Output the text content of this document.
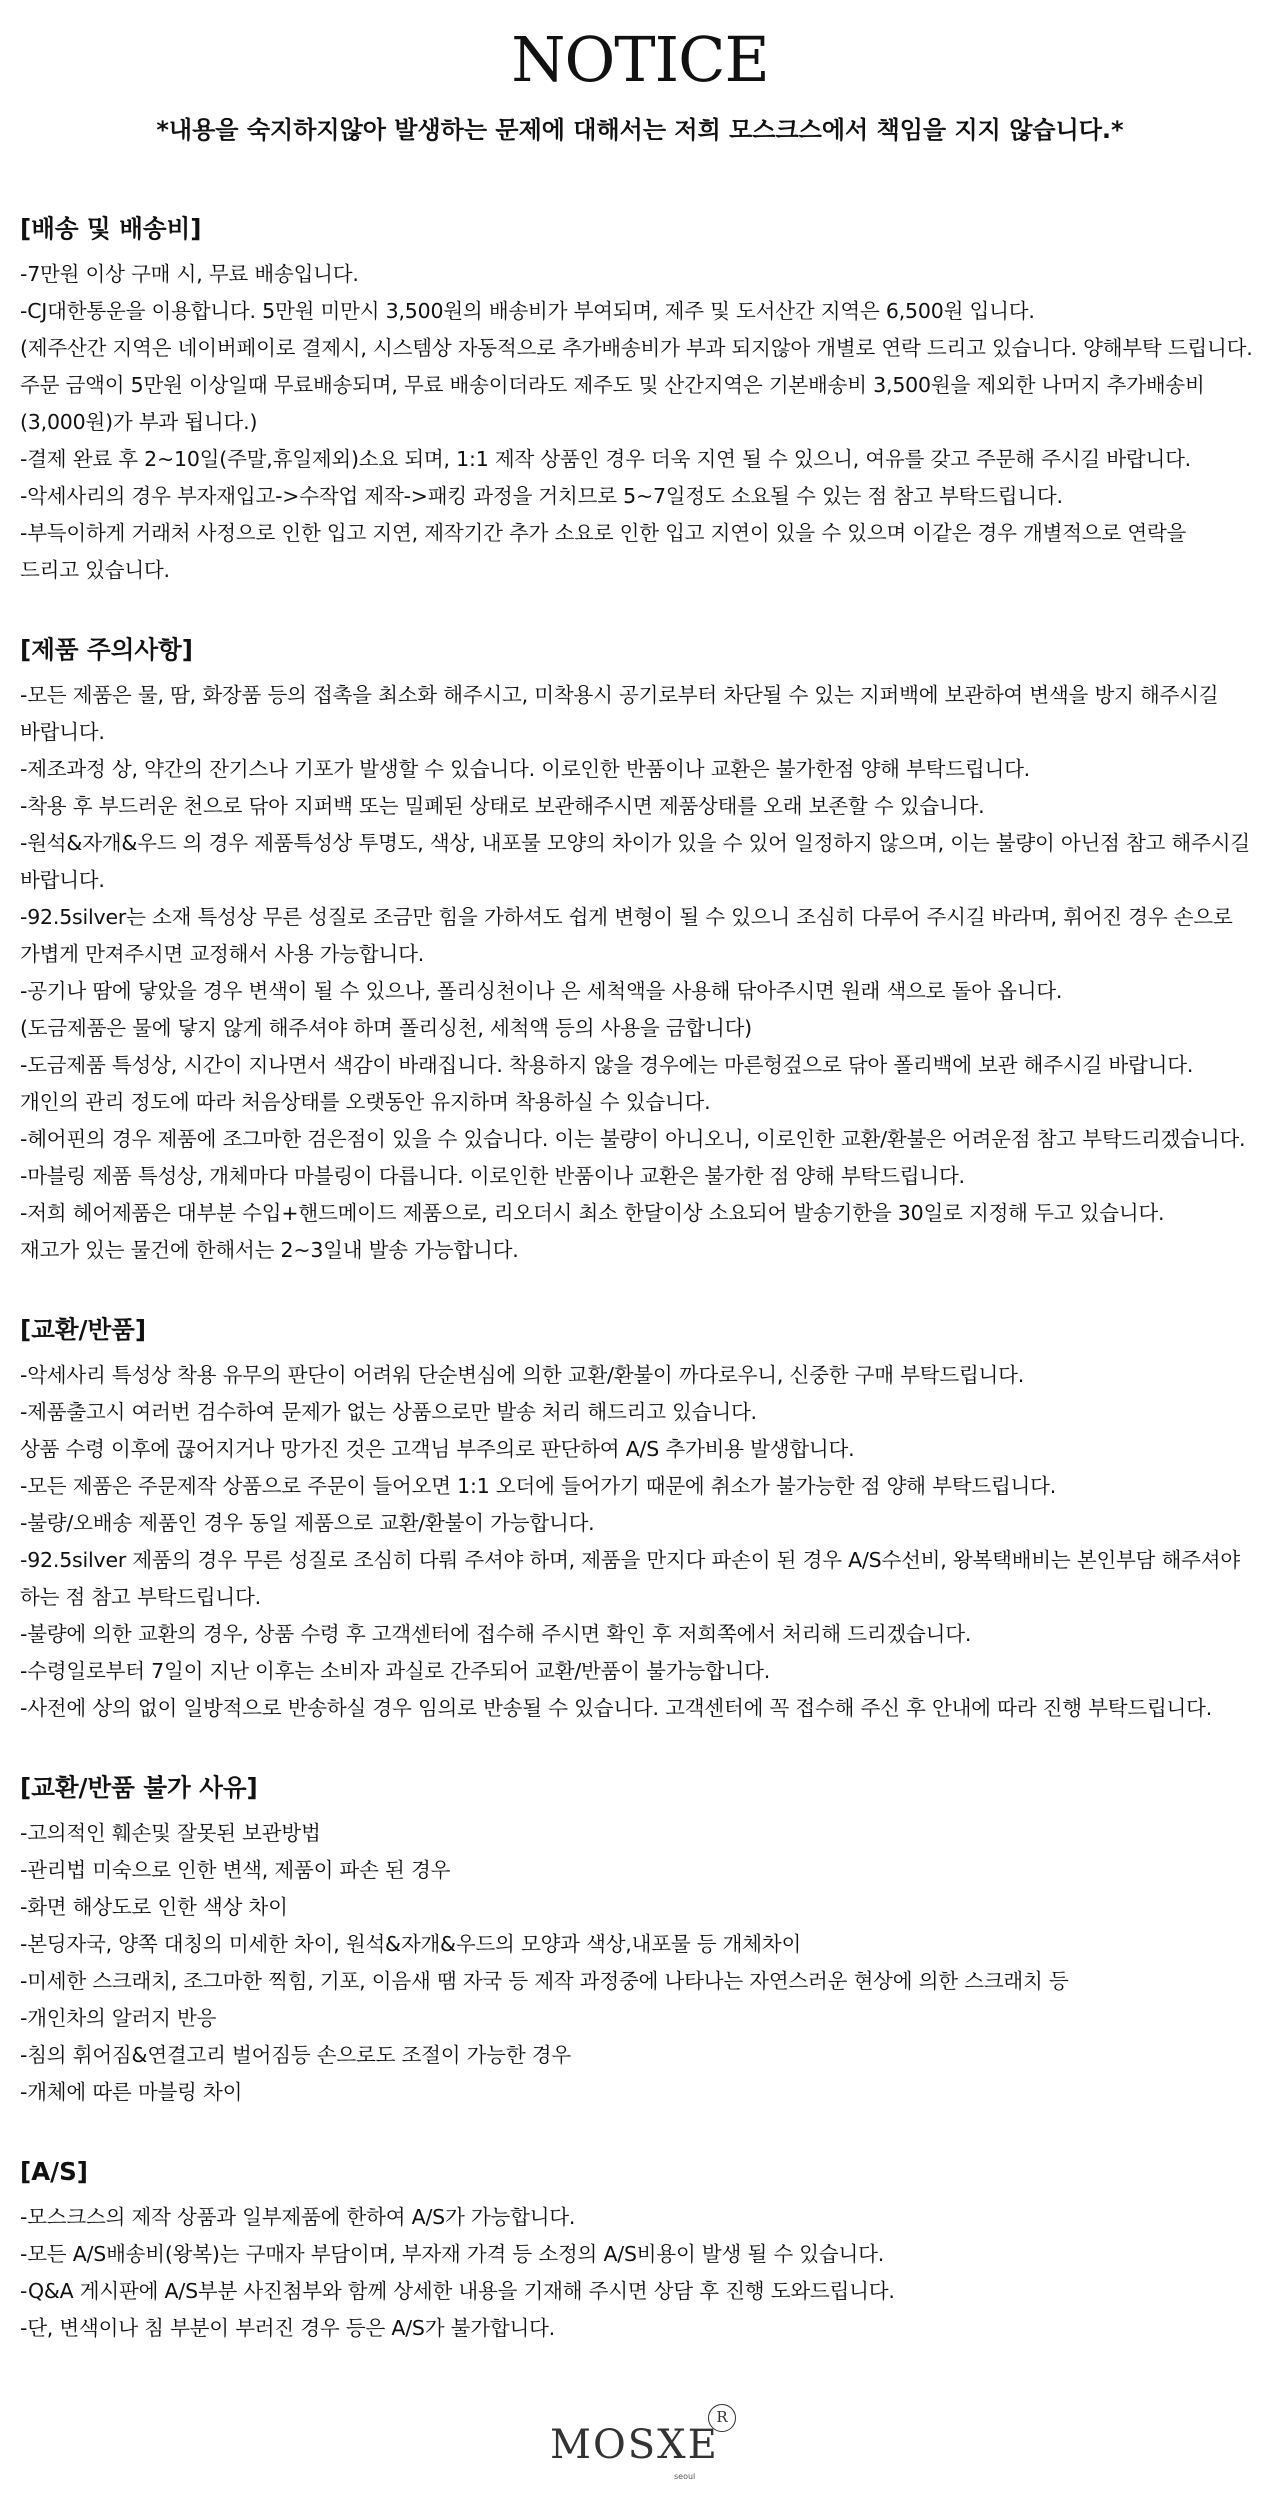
NOTICE
*내용을 숙지하지않아 발생하는 문제에 대해서는 저희 모스크스에서 책임을 지지 않습니다.*
[배송 및 배송비]
-7만원 이상 구매 시, 무료 배송입니다.
-CJ대한통운을 이용합니다. 5만원 미만시 3,500원의 배송비가 부여되며, 제주 및 도서산간 지역은 6,500원 입니다.
(제주산간 지역은 네이버페이로 결제시, 시스템상 자동적으로 추가배송비가 부과 되지않아 개별로 연락 드리고 있습니다. 양해부탁 드립니다.
주문 금액이 5만원 이상일때 무료배송되며, 무료 배송이더라도 제주도 및 산간지역은 기본배송비 3,500원을 제외한 나머지 추가배송비
(3,000원)가 부과 됩니다.)
-결제 완료 후 2~10일(주말,휴일제외)소요 되며, 1:1 제작 상품인 경우 더욱 지연 될 수 있으니, 여유를 갖고 주문해 주시길 바랍니다.
-악세사리의 경우 부자재입고->수작업 제작->패킹 과정을 거치므로 5~7일정도 소요될 수 있는 점 참고 부탁드립니다.
-부득이하게 거래처 사정으로 인한 입고 지연, 제작기간 추가 소요로 인한 입고 지연이 있을 수 있으며 이같은 경우 개별적으로 연락을
드리고 있습니다.
[제품 주의사항]
-모든 제품은 물, 땀, 화장품 등의 접촉을 최소화 해주시고, 미착용시 공기로부터 차단될 수 있는 지퍼백에 보관하여 변색을 방지 해주시길
바랍니다.
-제조과정 상, 약간의 잔기스나 기포가 발생할 수 있습니다. 이로인한 반품이나 교환은 불가한점 양해 부탁드립니다.
-착용 후 부드러운 천으로 닦아 지퍼백 또는 밀폐된 상태로 보관해주시면 제품상태를 오래 보존할 수 있습니다.
-원석&자개&우드 의 경우 제품특성상 투명도, 색상, 내포물 모양의 차이가 있을 수 있어 일정하지 않으며, 이는 불량이 아닌점 참고 해주시길
바랍니다.
-92.5silver는 소재 특성상 무른 성질로 조금만 힘을 가하셔도 쉽게 변형이 될 수 있으니 조심히 다루어 주시길 바라며, 휘어진 경우 손으로
가볍게 만져주시면 교정해서 사용 가능합니다.
-공기나 땀에 닿았을 경우 변색이 될 수 있으나, 폴리싱천이나 은 세척액을 사용해 닦아주시면 원래 색으로 돌아 옵니다.
(도금제품은 물에 닿지 않게 해주셔야 하며 폴리싱천, 세척액 등의 사용을 금합니다)
-도금제품 특성상, 시간이 지나면서 색감이 바래집니다. 착용하지 않을 경우에는 마른헝겊으로 닦아 폴리백에 보관 해주시길 바랍니다.
개인의 관리 정도에 따라 처음상태를 오랫동안 유지하며 착용하실 수 있습니다.
-헤어핀의 경우 제품에 조그마한 검은점이 있을 수 있습니다. 이는 불량이 아니오니, 이로인한 교환/환불은 어려운점 참고 부탁드리겠습니다.
-마블링 제품 특성상, 개체마다 마블링이 다릅니다. 이로인한 반품이나 교환은 불가한 점 양해 부탁드립니다.
-저희 헤어제품은 대부분 수입+핸드메이드 제품으로, 리오더시 최소 한달이상 소요되어 발송기한을 30일로 지정해 두고 있습니다.
재고가 있는 물건에 한해서는 2~3일내 발송 가능합니다.
[교환/반품]
-악세사리 특성상 착용 유무의 판단이 어려워 단순변심에 의한 교환/환불이 까다로우니, 신중한 구매 부탁드립니다.
-제품출고시 여러번 검수하여 문제가 없는 상품으로만 발송 처리 해드리고 있습니다.
상품 수령 이후에 끊어지거나 망가진 것은 고객님 부주의로 판단하여 A/S 추가비용 발생합니다.
-모든 제품은 주문제작 상품으로 주문이 들어오면 1:1 오더에 들어가기 때문에 취소가 불가능한 점 양해 부탁드립니다.
-불량/오배송 제품인 경우 동일 제품으로 교환/환불이 가능합니다.
-92.5silver 제품의 경우 무른 성질로 조심히 다뤄 주셔야 하며, 제품을 만지다 파손이 된 경우 A/S수선비, 왕복택배비는 본인부담 해주셔야
하는 점 참고 부탁드립니다.
-불량에 의한 교환의 경우, 상품 수령 후 고객센터에 접수해 주시면 확인 후 저희쪽에서 처리해 드리겠습니다.
-수령일로부터 7일이 지난 이후는 소비자 과실로 간주되어 교환/반품이 불가능합니다.
-사전에 상의 없이 일방적으로 반송하실 경우 임의로 반송될 수 있습니다. 고객센터에 꼭 접수해 주신 후 안내에 따라 진행 부탁드립니다.
[교환/반품 불가 사유]
-고의적인 훼손및 잘못된 보관방법
-관리법 미숙으로 인한 변색, 제품이 파손 된 경우
-화면 해상도로 인한 색상 차이
-본딩자국, 양쪽 대칭의 미세한 차이, 원석&자개&우드의 모양과 색상,내포물 등 개체차이
-미세한 스크래치, 조그마한 찍힘, 기포, 이음새 땜 자국 등 제작 과정중에 나타나는 자연스러운 현상에 의한 스크래치 등
-개인차의 알러지 반응
-침의 휘어짐&연결고리 벌어짐등 손으로도 조절이 가능한 경우
-개체에 따른 마블링 차이
[A/S]
-모스크스의 제작 상품과 일부제품에 한하여 A/S가 가능합니다.
-모든 A/S배송비(왕복)는 구매자 부담이며, 부자재 가격 등 소정의 A/S비용이 발생 될 수 있습니다.
-Q&A 게시판에 A/S부분 사진첨부와 함께 상세한 내용을 기재해 주시면 상담 후 진행 도와드립니다.
-단, 변색이나 침 부분이 부러진 경우 등은 A/S가 불가합니다.
MOSXE
seoul
R
